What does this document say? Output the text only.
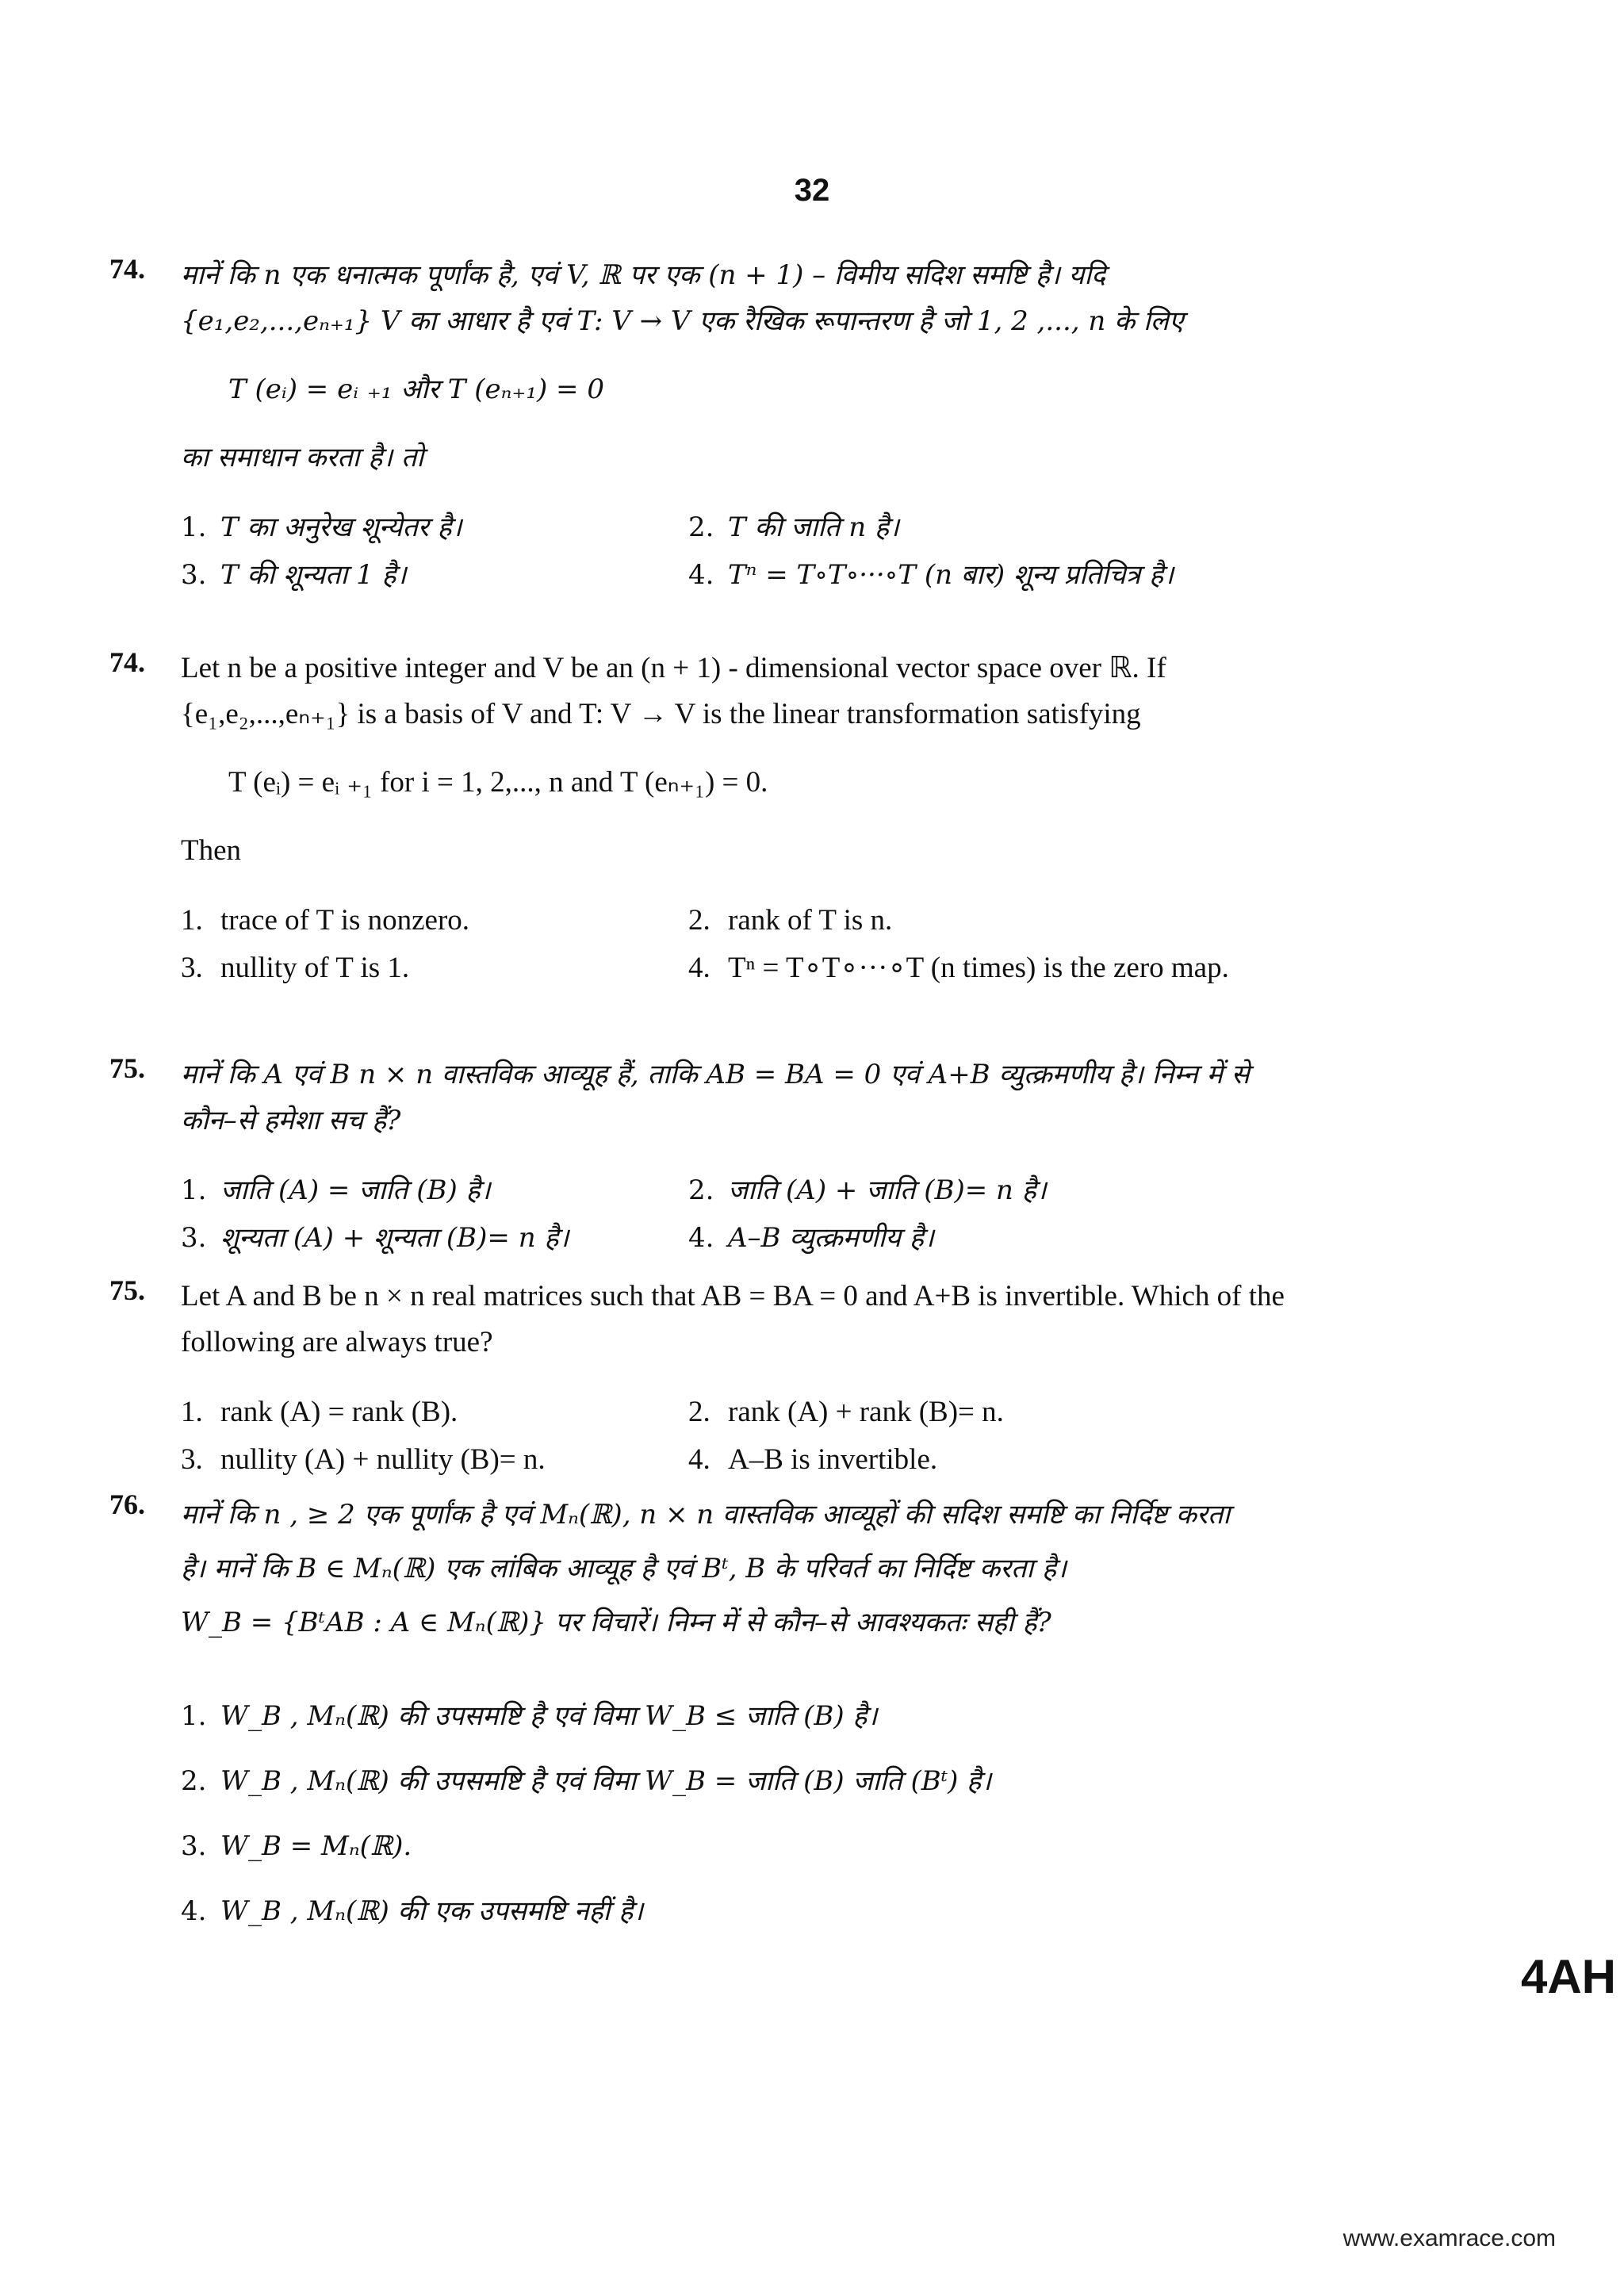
32
74. मानें कि n एक धनात्मक पूर्णांक है, एवं V, ℝ पर एक (n + 1) – विमीय सदिश समष्टि है। यदि
{e₁,e₂,...,eₙ₊₁} V का आधार है एवं T: V → V एक रैखिक रूपान्तरण है जो 1, 2 ,..., n के लिए
T (eᵢ) = eᵢ ₊₁ और T (eₙ₊₁) = 0
का समाधान करता है। तो
1. T का अनुरेख शून्येतर है।	2. T की जाति n है।
3. T की शून्यता 1 है।	4. Tⁿ = T∘T∘···∘T (n बार) शून्य प्रतिचित्र है।
74. Let n be a positive integer and V be an (n + 1) - dimensional vector space over ℝ. If
{e₁,e₂,...,eₙ₊₁} is a basis of V and T: V → V is the linear transformation satisfying
T (eᵢ) = eᵢ ₊₁ for i = 1, 2,..., n and T (eₙ₊₁) = 0.
Then
1. trace of T is nonzero.	2. rank of T is n.
3. nullity of T is 1.	4. Tⁿ = T∘T∘···∘T (n times) is the zero map.
75. मानें कि A एवं B n × n वास्तविक आव्यूह हैं, ताकि AB = BA = 0 एवं A+B व्युत्क्रमणीय है। निम्न में से
कौन–से हमेशा सच हैं?
1. जाति (A) = जाति (B) है।	2. जाति (A) + जाति (B)= n है।
3. शून्यता (A) + शून्यता (B)= n है।	4. A–B व्युत्क्रमणीय है।
75. Let A and B be n × n real matrices such that AB = BA = 0 and A+B is invertible. Which of the
following are always true?
1. rank (A) = rank (B).	2. rank (A) + rank (B)= n.
3. nullity (A) + nullity (B)= n.	4. A–B is invertible.
76. मानें कि n , ≥ 2 एक पूर्णांक है एवं Mₙ(ℝ), n × n वास्तविक आव्यूहों की सदिश समष्टि का निर्दिष्ट करता
है। मानें कि B ∈ Mₙ(ℝ) एक लांबिक आव्यूह है एवं Bᵗ, B के परिवर्त का निर्दिष्ट करता है।
W_B = {BᵗAB : A ∈ Mₙ(ℝ)} पर विचारें। निम्न में से कौन–से आवश्यकतः सही हैं?
1. W_B , Mₙ(ℝ) की उपसमष्टि है एवं विमा W_B ≤ जाति (B) है।
2. W_B , Mₙ(ℝ) की उपसमष्टि है एवं विमा W_B = जाति (B) जाति (Bᵗ) है।
3. W_B = Mₙ(ℝ).
4. W_B , Mₙ(ℝ) की एक उपसमष्टि नहीं है।
4AH
www.examrace.com
